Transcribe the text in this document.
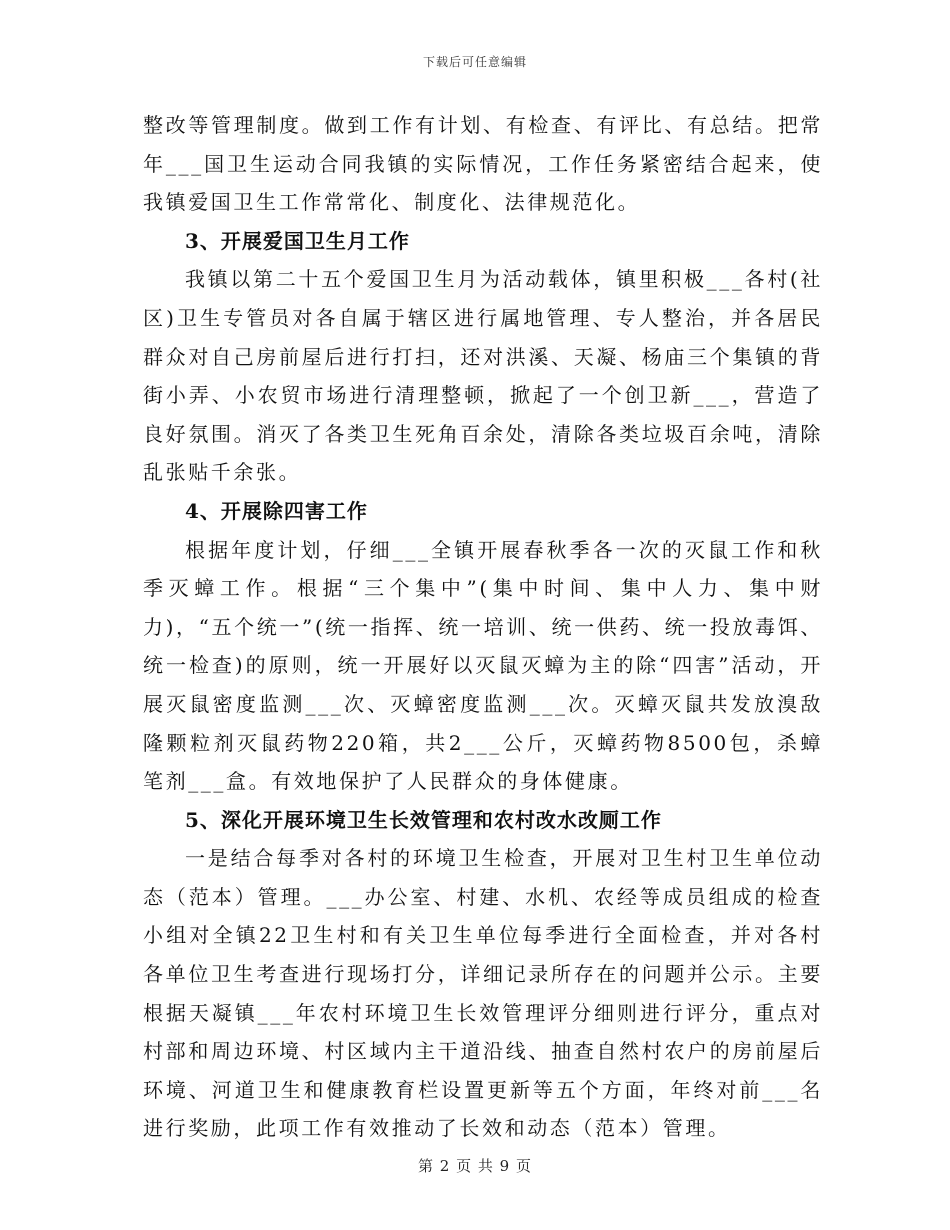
下载后可任意编辑

整改等管理制度。做到工作有计划、有检查、有评比、有总结。把常年___国卫生运动合同我镇的实际情况，工作任务紧密结合起来，使我镇爱国卫生工作常常化、制度化、法律规范化。

3、开展爱国卫生月工作

我镇以第二十五个爱国卫生月为活动载体，镇里积极___各村(社区)卫生专管员对各自属于辖区进行属地管理、专人整治，并各居民群众对自己房前屋后进行打扫，还对洪溪、天凝、杨庙三个集镇的背街小弄、小农贸市场进行清理整顿，掀起了一个创卫新___，营造了良好氛围。消灭了各类卫生死角百余处，清除各类垃圾百余吨，清除乱张贴千余张。

4、开展除四害工作

根据年度计划，仔细___全镇开展春秋季各一次的灭鼠工作和秋季灭蟑工作。根据“三个集中”(集中时间、集中人力、集中财力)，“五个统一”(统一指挥、统一培训、统一供药、统一投放毒饵、统一检查)的原则，统一开展好以灭鼠灭蟑为主的除“四害”活动，开展灭鼠密度监测___次、灭蟑密度监测___次。灭蟑灭鼠共发放溴敌隆颗粒剂灭鼠药物220箱，共2___公斤，灭蟑药物8500包，杀蟑笔剂___盒。有效地保护了人民群众的身体健康。

5、深化开展环境卫生长效管理和农村改水改厕工作

一是结合每季对各村的环境卫生检查，开展对卫生村卫生单位动态（范本）管理。___办公室、村建、水机、农经等成员组成的检查小组对全镇22卫生村和有关卫生单位每季进行全面检查，并对各村各单位卫生考查进行现场打分，详细记录所存在的问题并公示。主要根据天凝镇___年农村环境卫生长效管理评分细则进行评分，重点对村部和周边环境、村区域内主干道沿线、抽查自然村农户的房前屋后环境、河道卫生和健康教育栏设置更新等五个方面，年终对前___名进行奖励，此项工作有效推动了长效和动态（范本）管理。

第 2 页 共 9 页
